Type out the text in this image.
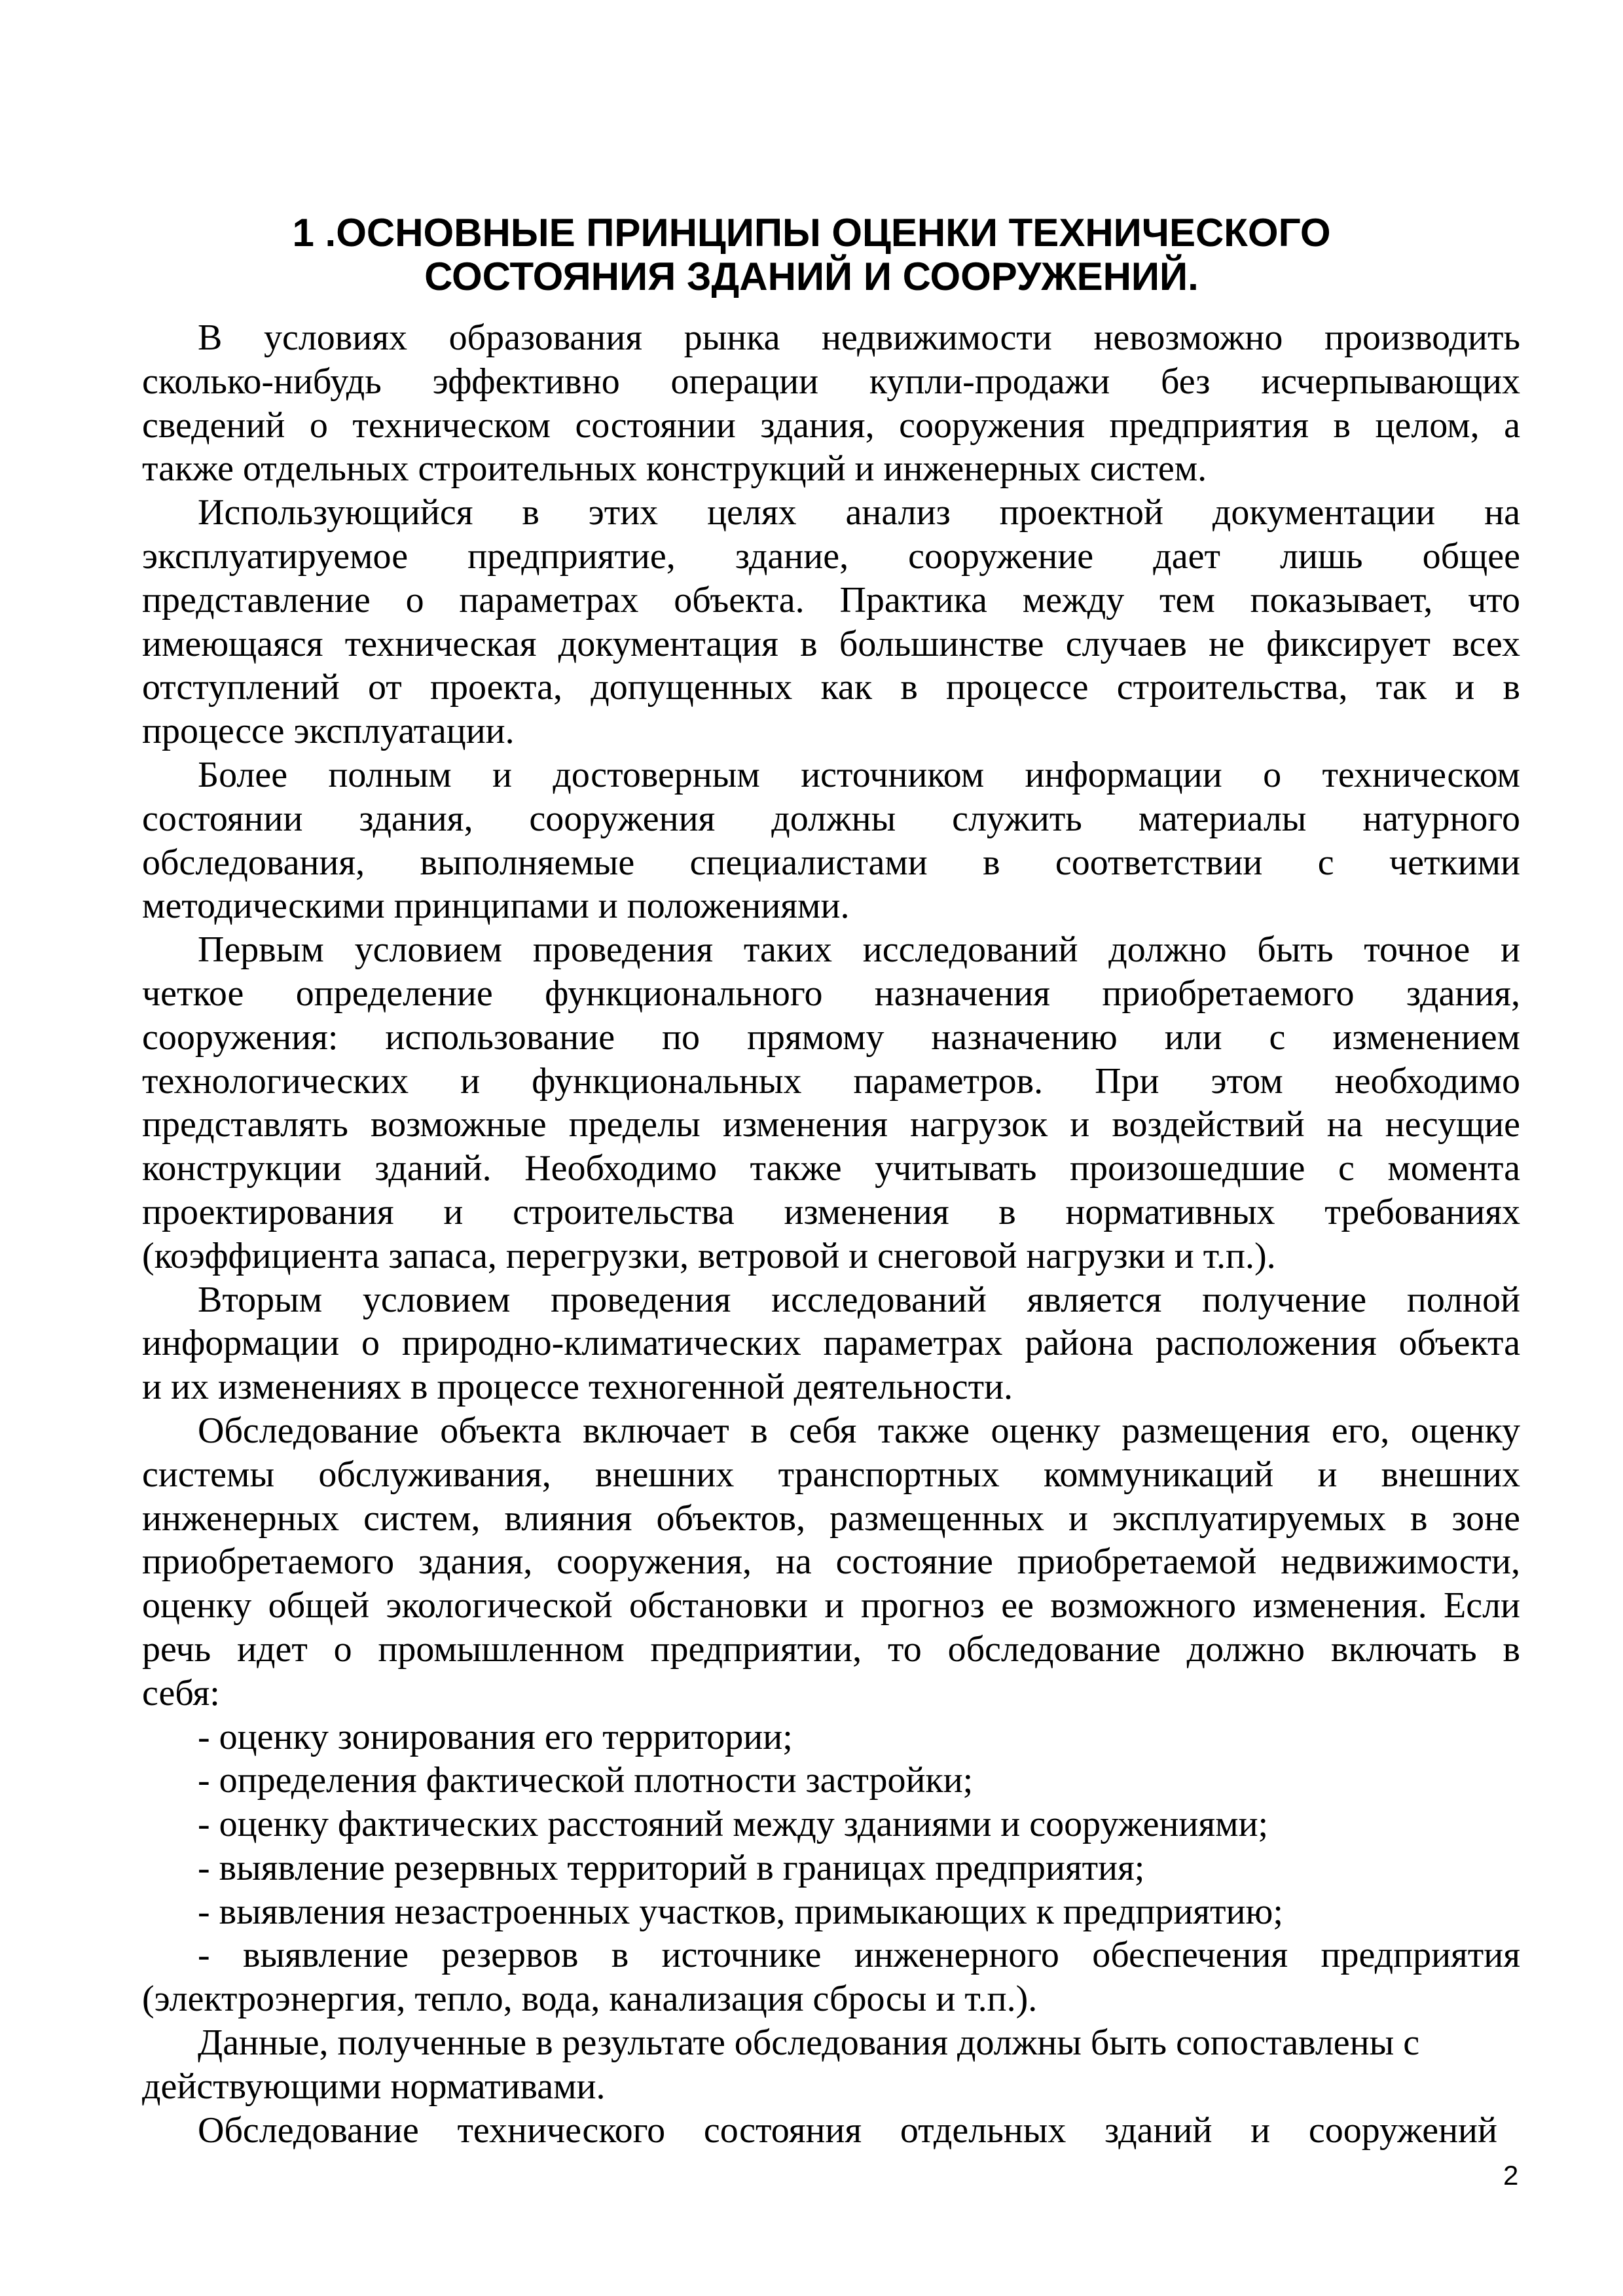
1 .ОСНОВНЫЕ ПРИНЦИПЫ ОЦЕНКИ ТЕХНИЧЕСКОГО
СОСТОЯНИЯ ЗДАНИЙ И СООРУЖЕНИЙ.
В условиях образования рынка недвижимости невозможно производить
сколько-нибудь эффективно операции купли-продажи без исчерпывающих
сведений о техническом состоянии здания, сооружения предприятия в целом, а
также отдельных строительных конструкций и инженерных систем.
Использующийся в этих целях анализ проектной документации на
эксплуатируемое предприятие, здание, сооружение дает лишь общее
представление о параметрах объекта. Практика между тем показывает, что
имеющаяся техническая документация в большинстве случаев не фиксирует всех
отступлений от проекта, допущенных как в процессе строительства, так и в
процессе эксплуатации.
Более полным и достоверным источником информации о техническом
состоянии здания, сооружения должны служить материалы натурного
обследования, выполняемые специалистами в соответствии с четкими
методическими принципами и положениями.
Первым условием проведения таких исследований должно быть точное и
четкое определение функционального назначения приобретаемого здания,
сооружения: использование по прямому назначению или с изменением
технологических и функциональных параметров. При этом необходимо
представлять возможные пределы изменения нагрузок и воздействий на несущие
конструкции зданий. Необходимо также учитывать произошедшие с момента
проектирования и строительства изменения в нормативных требованиях
(коэффициента запаса, перегрузки, ветровой и снеговой нагрузки и т.п.).
Вторым условием проведения исследований является получение полной
информации о природно-климатических параметрах района расположения объекта
и их изменениях в процессе техногенной деятельности.
Обследование объекта включает в себя также оценку размещения его, оценку
системы обслуживания, внешних транспортных коммуникаций и внешних
инженерных систем, влияния объектов, размещенных и эксплуатируемых в зоне
приобретаемого здания, сооружения, на состояние приобретаемой недвижимости,
оценку общей экологической обстановки и прогноз ее возможного изменения. Если
речь идет о промышленном предприятии, то обследование должно включать в
себя:
- оценку зонирования его территории;
- определения фактической плотности застройки;
- оценку фактических расстояний между зданиями и сооружениями;
- выявление резервных территорий в границах предприятия;
- выявления незастроенных участков, примыкающих к предприятию;
- выявление резервов в источнике инженерного обеспечения предприятия
(электроэнергия, тепло, вода, канализация сбросы и т.п.).
Данные, полученные в результате обследования должны быть сопоставлены с
действующими нормативами.
Обследование технического состояния отдельных зданий и сооружений
2
